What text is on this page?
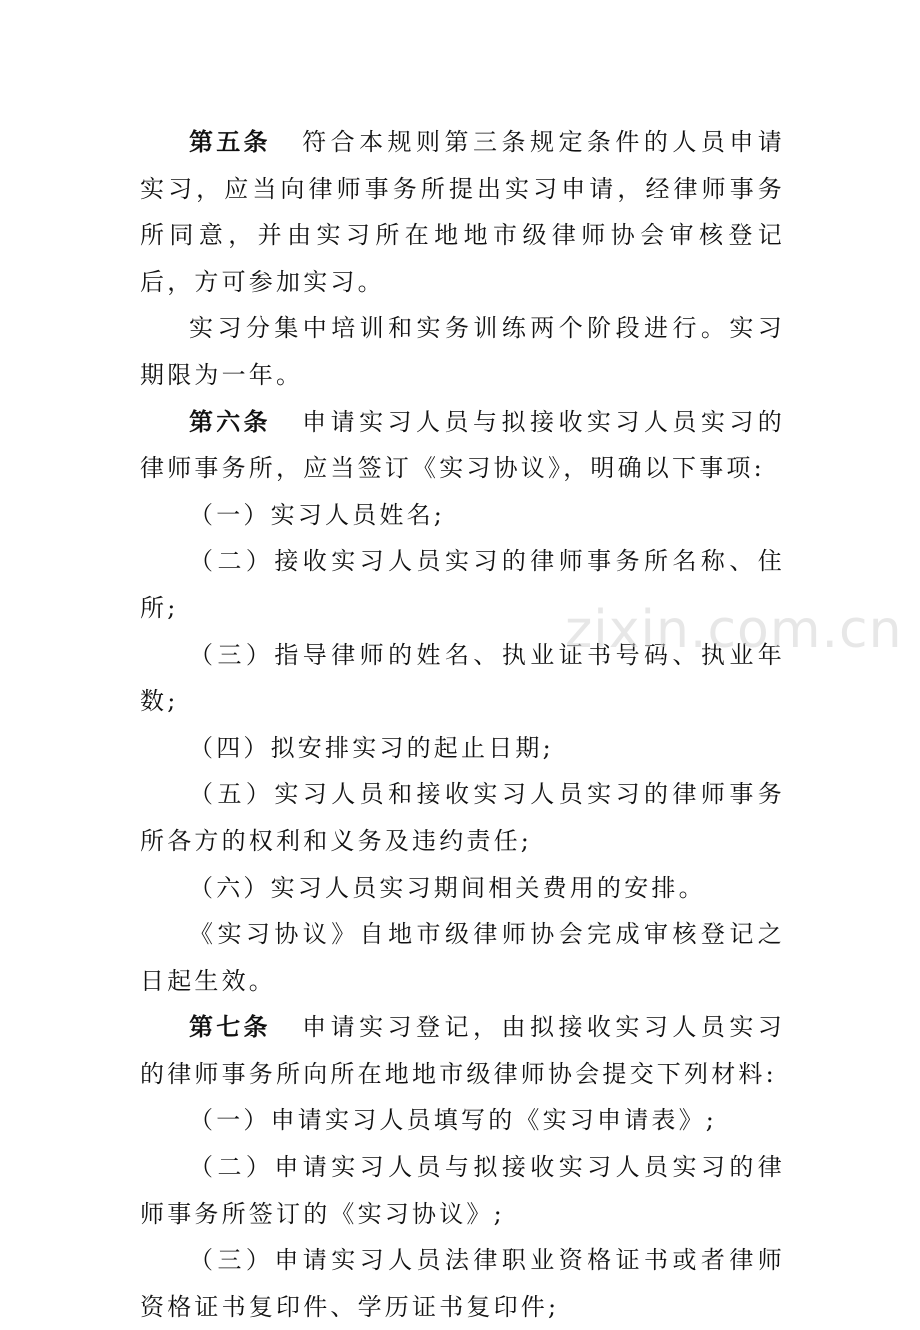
第五条 符合本规则第三条规定条件的人员申请实习，应当向律师事务所提出实习申请，经律师事务所同意，并由实习所在地地市级律师协会审核登记后，方可参加实习。

实习分集中培训和实务训练两个阶段进行。实习期限为一年。

第六条 申请实习人员与拟接收实习人员实习的律师事务所，应当签订《实习协议》，明确以下事项:

（一）实习人员姓名;

（二）接收实习人员实习的律师事务所名称、住所;

（三）指导律师的姓名、执业证书号码、执业年数;

（四）拟安排实习的起止日期;

（五）实习人员和接收实习人员实习的律师事务所各方的权利和义务及违约责任;

（六）实习人员实习期间相关费用的安排。

《实习协议》自地市级律师协会完成审核登记之日起生效。

第七条 申请实习登记，由拟接收实习人员实习的律师事务所向所在地地市级律师协会提交下列材料:

（一）申请实习人员填写的《实习申请表》;

（二）申请实习人员与拟接收实习人员实习的律师事务所签订的《实习协议》;

（三）申请实习人员法律职业资格证书或者律师资格证书复印件、学历证书复印件;

zixin.com.cn
